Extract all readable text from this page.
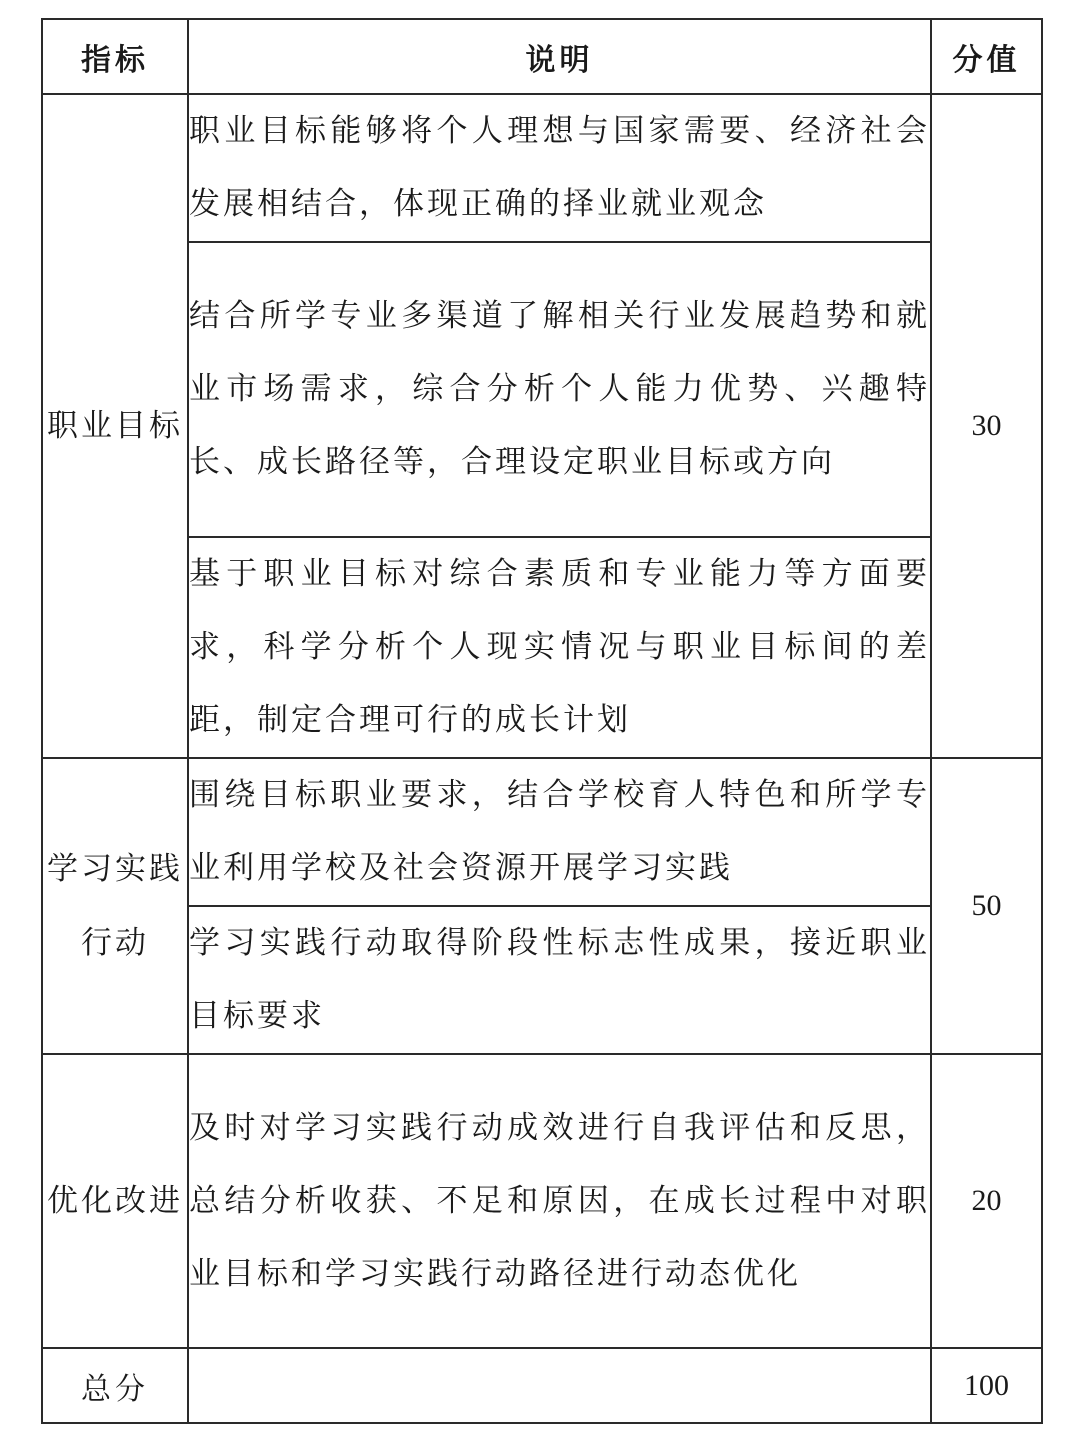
指标	说明	分值
职业目标	职业目标能够将个人理想与国家需要、经济社会发展相结合，体现正确的择业就业观念	30
	结合所学专业多渠道了解相关行业发展趋势和就业市场需求，综合分析个人能力优势、兴趣特长、成长路径等，合理设定职业目标或方向	
	基于职业目标对综合素质和专业能力等方面要求，科学分析个人现实情况与职业目标间的差距，制定合理可行的成长计划	
学习实践行动	围绕目标职业要求，结合学校育人特色和所学专业利用学校及社会资源开展学习实践	50
	学习实践行动取得阶段性标志性成果，接近职业目标要求	
优化改进	及时对学习实践行动成效进行自我评估和反思，总结分析收获、不足和原因，在成长过程中对职业目标和学习实践行动路径进行动态优化	20
总分		100
